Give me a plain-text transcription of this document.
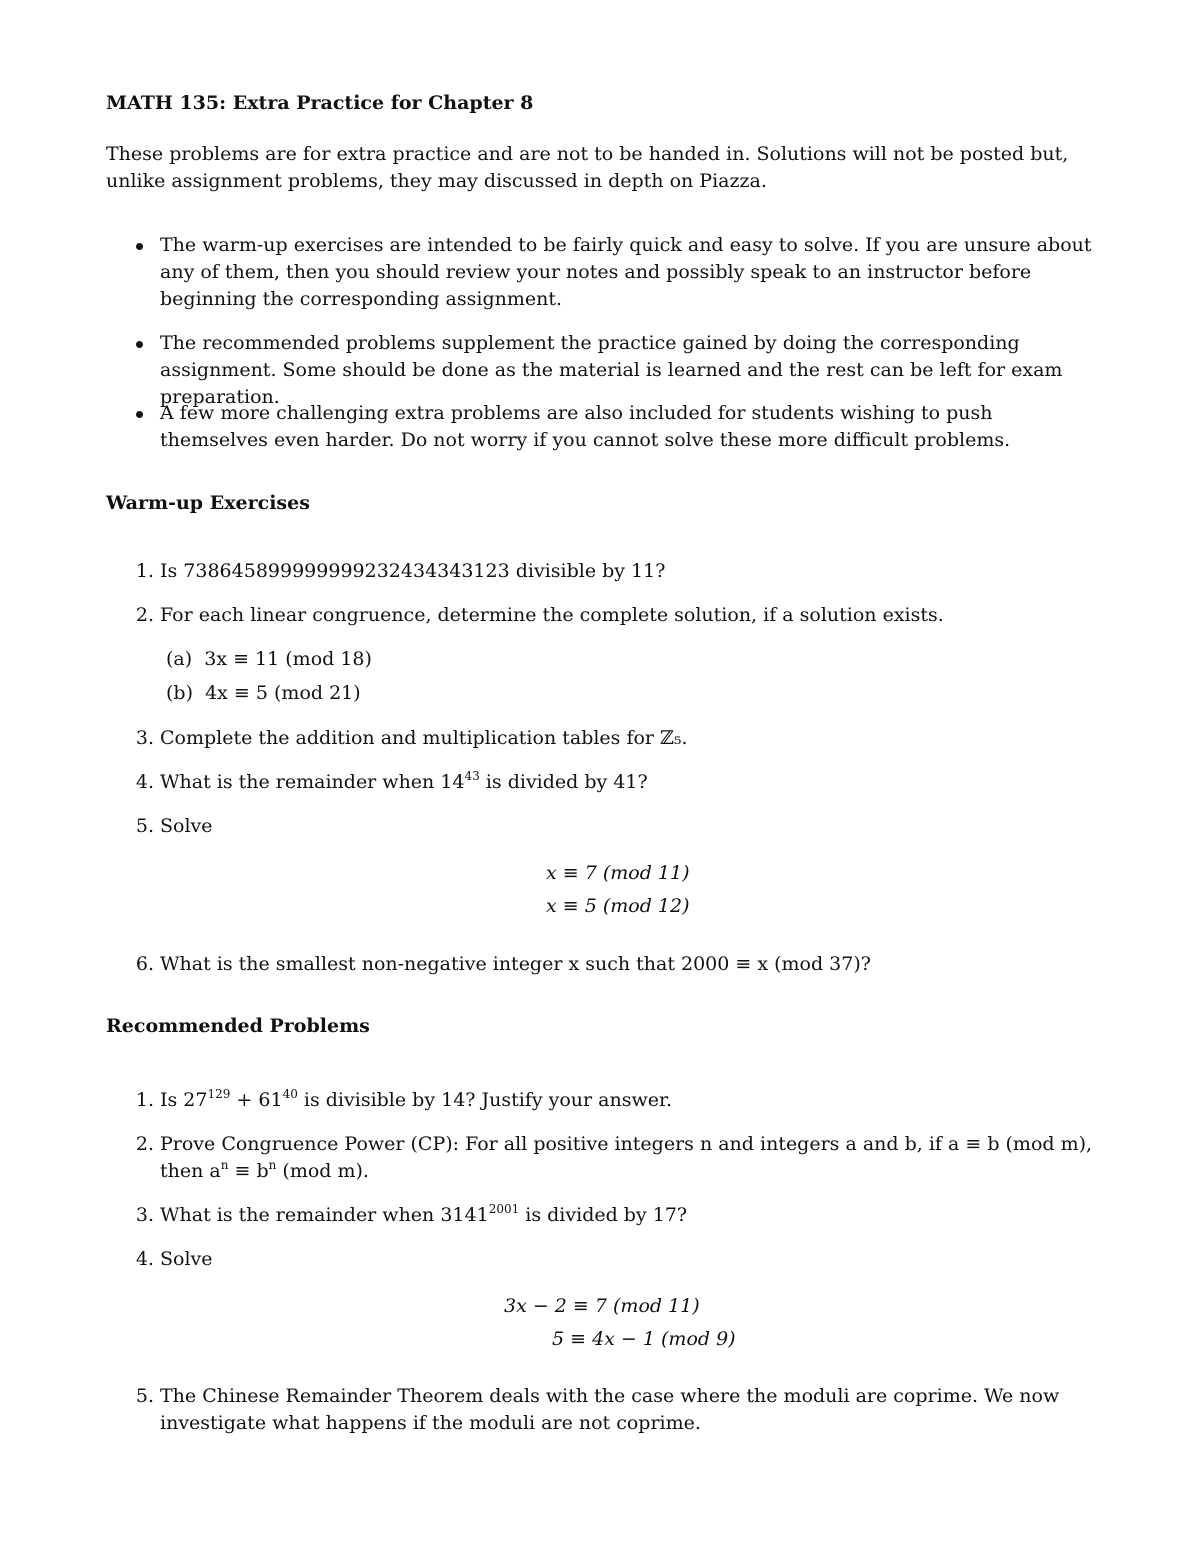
MATH 135: Extra Practice for Chapter 8
These problems are for extra practice and are not to be handed in. Solutions will not be posted but, unlike assignment problems, they may discussed in depth on Piazza.
The warm-up exercises are intended to be fairly quick and easy to solve. If you are unsure about any of them, then you should review your notes and possibly speak to an instructor before beginning the corresponding assignment.
The recommended problems supplement the practice gained by doing the corresponding assignment. Some should be done as the material is learned and the rest can be left for exam preparation.
A few more challenging extra problems are also included for students wishing to push themselves even harder. Do not worry if you cannot solve these more difficult problems.
Warm-up Exercises
1. Is 738645899999999232434343123 divisible by 11?
2. For each linear congruence, determine the complete solution, if a solution exists.
(a) 3x ≡ 11 (mod 18)
(b) 4x ≡ 5 (mod 21)
3. Complete the addition and multiplication tables for ℤ₅.
4. What is the remainder when $14^{43}$ is divided by 41?
5. Solve
x ≡ 7 (mod 11)
x ≡ 5 (mod 12)
6. What is the smallest non-negative integer x such that 2000 ≡ x (mod 37)?
Recommended Problems
1. Is $27^{129} + 61^{40}$ is divisible by 14? Justify your answer.
2. Prove Congruence Power (CP): For all positive integers n and integers a and b, if a ≡ b (mod m),
then $a^n \equiv b^n$ (mod m).
3. What is the remainder when $3141^{2001}$ is divided by 17?
4. Solve
3x − 2 ≡ 7 (mod 11)
5 ≡ 4x − 1 (mod 9)
5. The Chinese Remainder Theorem deals with the case where the moduli are coprime. We now investigate what happens if the moduli are not coprime.
